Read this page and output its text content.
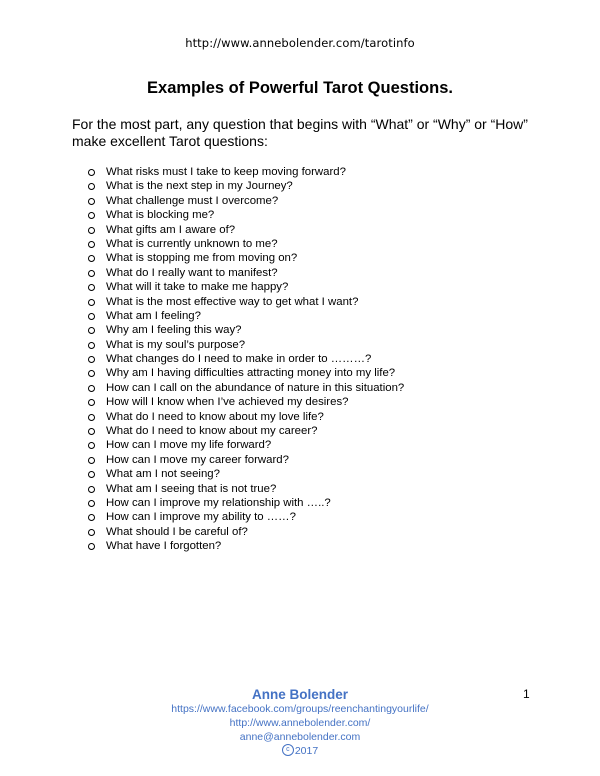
http://www.annebolender.com/tarotinfo
Examples of Powerful Tarot Questions.
For the most part, any question that begins with “What” or “Why” or “How” make excellent Tarot questions:
What risks must I take to keep moving forward?
What is the next step in my Journey?
What challenge must I overcome?
What is blocking me?
What gifts am I aware of?
What is currently unknown to me?
What is stopping me from moving on?
What do I really want to manifest?
What will it take to make me happy?
What is the most effective way to get what I want?
What am I feeling?
Why am I feeling this way?
What is my soul’s purpose?
What changes do I need to make in order to ………?
Why am I having difficulties attracting money into my life?
How can I call on the abundance of nature in this situation?
How will I know when I’ve achieved my desires?
What do I need to know about my love life?
What do I need to know about my career?
How can I move my life forward?
How can I move my career forward?
What am I not seeing?
What am I seeing that is not true?
How can I improve my relationship with …..?
How can I improve my ability to ……?
What should I be careful of?
What have I forgotten?
Anne Bolender	1
https://www.facebook.com/groups/reenchantingyourlife/
http://www.annebolender.com/
anne@annebolender.com
c 2017
